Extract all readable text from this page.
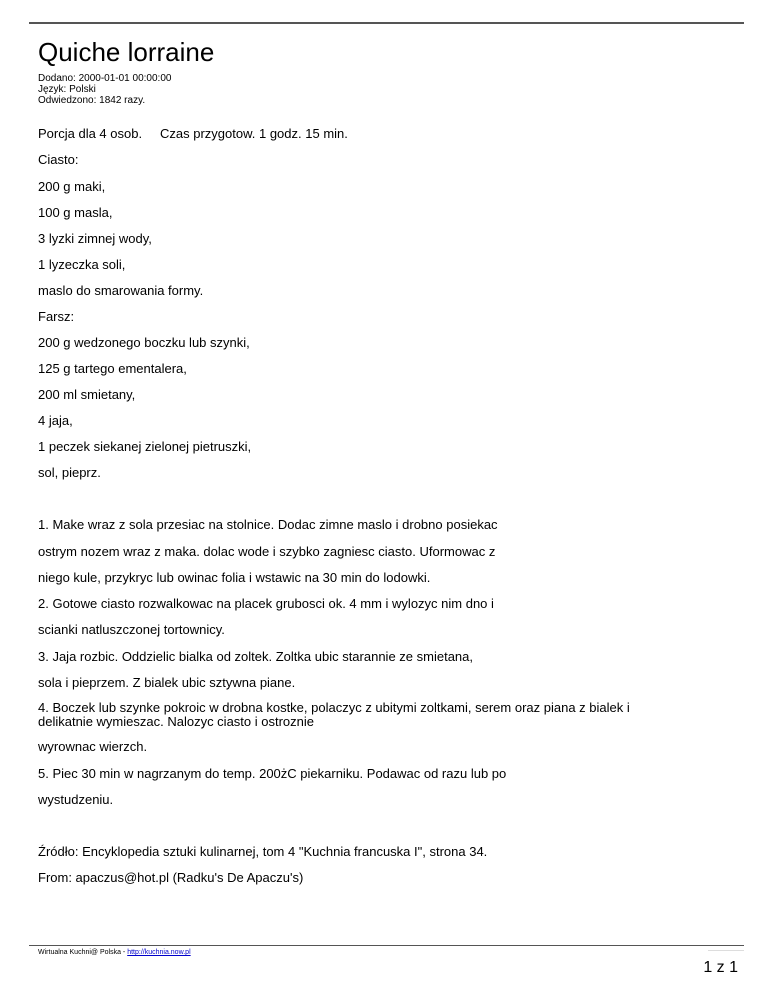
Quiche lorraine
Dodano: 2000-01-01 00:00:00
Język: Polski
Odwiedzono: 1842 razy.
Porcja dla 4 osob. Czas przygotow. 1 godz. 15 min.
Ciasto:
200 g maki,
100 g masla,
3 lyzki zimnej wody,
1 lyzeczka soli,
maslo do smarowania formy.
Farsz:
200 g wedzonego boczku lub szynki,
125 g tartego ementalera,
200 ml smietany,
4 jaja,
1 peczek siekanej zielonej pietruszki,
sol, pieprz.
1. Make wraz z sola przesiac na stolnice. Dodac zimne maslo i drobno posiekac
ostrym nozem wraz z maka. dolac wode i szybko zagniesc ciasto. Uformowac z
niego kule, przykryc lub owinac folia i wstawic na 30 min do lodowki.
2. Gotowe ciasto rozwalkowac na placek grubosci ok. 4 mm i wylozyc nim dno i
scianki natluszczonej tortownicy.
3. Jaja rozbic. Oddzielic bialka od zoltek. Zoltka ubic starannie ze smietana,
sola i pieprzem. Z bialek ubic sztywna piane.
4. Boczek lub szynke pokroic w drobna kostke, polaczyc z ubitymi zoltkami, serem oraz piana z bialek i delikatnie wymieszac. Nalozyc ciasto i ostroznie
wyrownac wierzch.
5. Piec 30 min w nagrzanym do temp. 200żC piekarniku. Podawac od razu lub po
wystudzeniu.
Źródło: Encyklopedia sztuki kulinarnej, tom 4 "Kuchnia francuska I", strona 34.
From: apaczus@hot.pl (Radku's De Apaczu's)
Wirtualna Kuchni@ Polska - http://kuchnia.now.pl
1 z 1
